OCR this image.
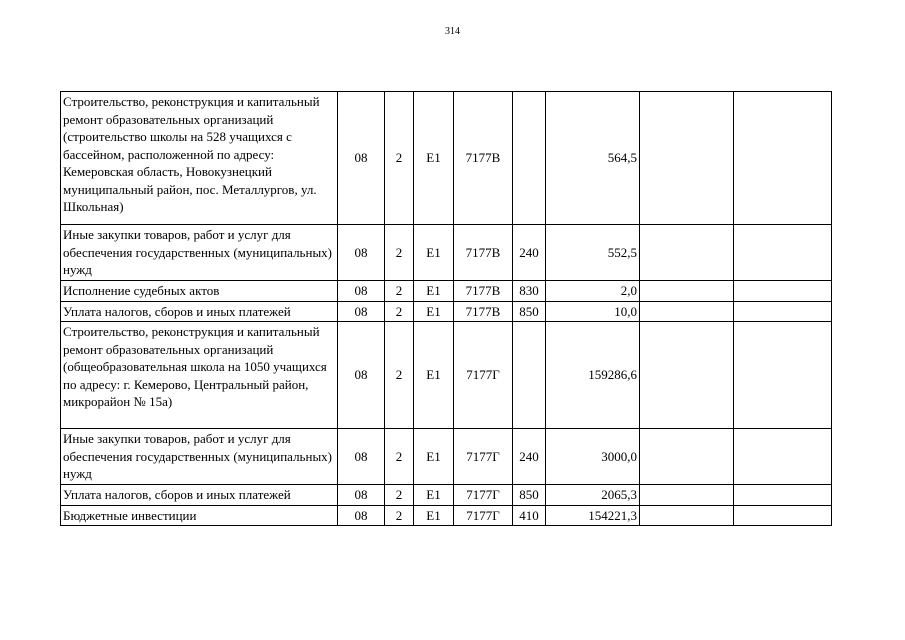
314
Строительство, реконструкция и капитальный ремонт образовательных организаций (строительство школы на 528 учащихся с бассейном, расположенной по адресу: Кемеровская область, Новокузнецкий муниципальный район, пос. Металлургов, ул. Школьная)	08	2	Е1	7177В		564,5		
Иные закупки товаров, работ и услуг для обеспечения государственных (муниципальных) нужд	08	2	Е1	7177В	240	552,5		
Исполнение судебных актов	08	2	Е1	7177В	830	2,0		
Уплата налогов, сборов и иных платежей	08	2	Е1	7177В	850	10,0		
Строительство, реконструкция и капитальный ремонт образовательных организаций (общеобразовательная школа на 1050 учащихся по адресу: г. Кемерово, Центральный район, микрорайон № 15а)	08	2	Е1	7177Г		159286,6		
Иные закупки товаров, работ и услуг для обеспечения государственных (муниципальных) нужд	08	2	Е1	7177Г	240	3000,0		
Уплата налогов, сборов и иных платежей	08	2	Е1	7177Г	850	2065,3		
Бюджетные инвестиции	08	2	Е1	7177Г	410	154221,3		
